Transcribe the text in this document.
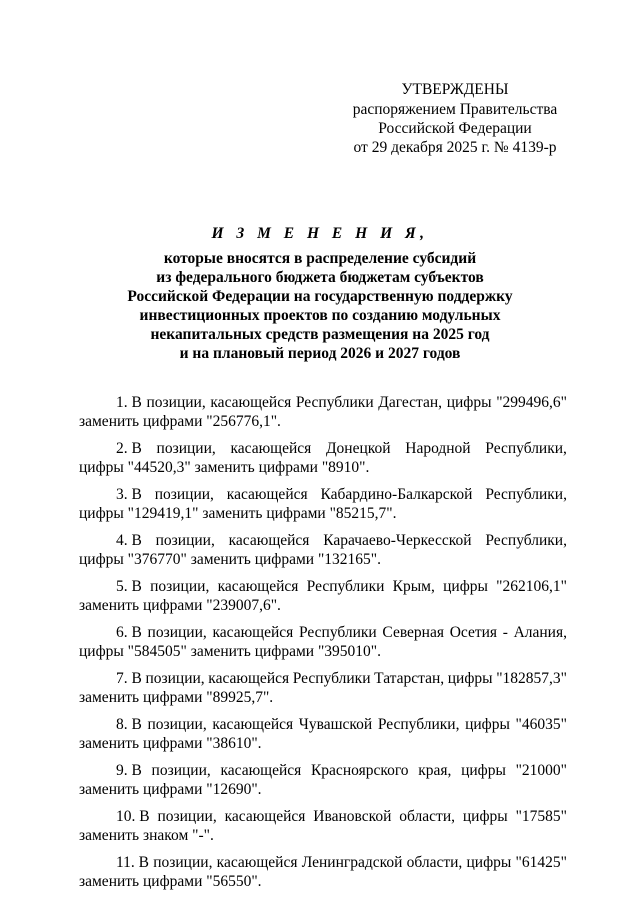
УТВЕРЖДЕНЫ
распоряжением Правительства
Российской Федерации
от 29 декабря 2025 г. № 4139-р
И З М Е Н Е Н И Я,
которые вносятся в распределение субсидий
из федерального бюджета бюджетам субъектов
Российской Федерации на государственную поддержку
инвестиционных проектов по созданию модульных
некапитальных средств размещения на 2025 год
и на плановый период 2026 и 2027 годов
1. В позиции, касающейся Республики Дагестан, цифры "299496,6"
заменить цифрами "256776,1".
2. В позиции, касающейся Донецкой Народной Республики,
цифры "44520,3" заменить цифрами "8910".
3. В позиции, касающейся Кабардино-Балкарской Республики,
цифры "129419,1" заменить цифрами "85215,7".
4. В позиции, касающейся Карачаево-Черкесской Республики,
цифры "376770" заменить цифрами "132165".
5. В позиции, касающейся Республики Крым, цифры "262106,1"
заменить цифрами "239007,6".
6. В позиции, касающейся Республики Северная Осетия - Алания,
цифры "584505" заменить цифрами "395010".
7. В позиции, касающейся Республики Татарстан, цифры "182857,3"
заменить цифрами "89925,7".
8. В позиции, касающейся Чувашской Республики, цифры "46035"
заменить цифрами "38610".
9. В позиции, касающейся Красноярского края, цифры "21000"
заменить цифрами "12690".
10. В позиции, касающейся Ивановской области, цифры "17585"
заменить знаком "-".
11. В позиции, касающейся Ленинградской области, цифры "61425"
заменить цифрами "56550".
